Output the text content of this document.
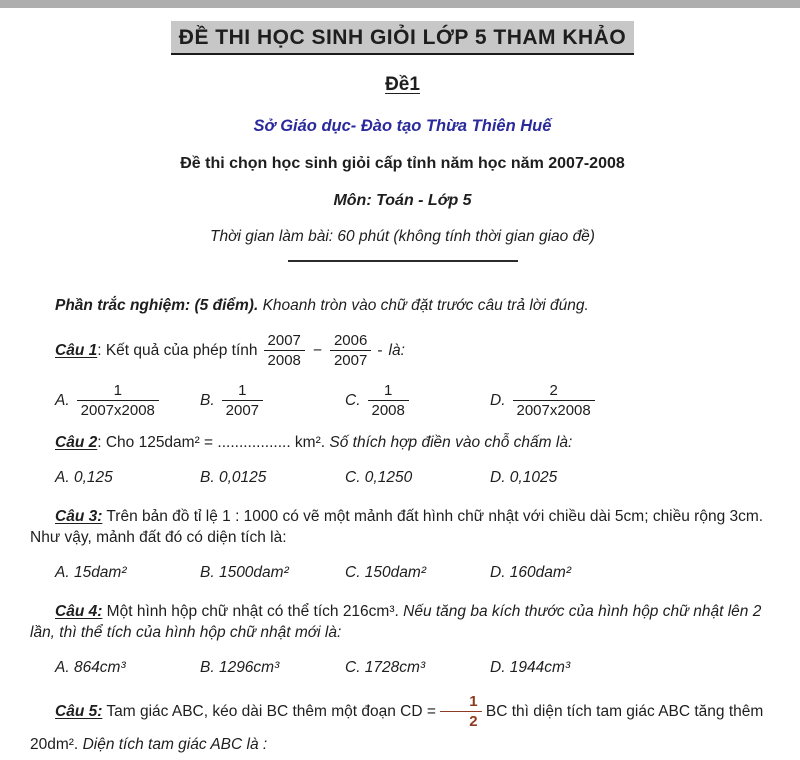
ĐỀ THI HỌC SINH GIỎI LỚP 5 THAM KHẢO
Đề1

Sở Giáo dục- Đào tạo Thừa Thiên Huế

Đề thi chọn học sinh giỏi cấp tỉnh năm học năm 2007-2008

Môn: Toán - Lớp 5

Thời gian làm bài: 60 phút (không tính thời gian giao đề)

Phần trắc nghiệm: (5 điểm). Khoanh tròn vào chữ đặt trước câu trả lời đúng.

Câu 1: Kết quả của phép tính $\frac{2007}{2008} - \frac{2006}{2007}$ - là:
A. $\frac{1}{2007x2008}$	B. $\frac{1}{2007}$	C. $\frac{1}{2008}$	D. $\frac{2}{2007x2008}$

Câu 2: Cho 125dam² = ................. km². Số thích hợp điền vào chỗ chấm là:

A. 0,125	B. 0,0125	C. 0,1250	D. 0,1025

Câu 3: Trên bản đồ tỉ lệ 1 : 1000 có vẽ một mảnh đất hình chữ nhật với chiều dài 5cm; chiều rộng 3cm. Như vậy, mảnh đất đó có diện tích là:

A. 15dam²	B. 1500dam²	C. 150dam²	D. 160dam²

Câu 4: Một hình hộp chữ nhật có thể tích 216cm³. Nếu tăng ba kích thước của hình hộp chữ nhật lên 2 lần, thì thể tích của hình hộp chữ nhật mới là:

A. 864cm³	B. 1296cm³	C. 1728cm³	D. 1944cm³

Câu 5: Tam giác ABC, kéo dài BC thêm một đoạn CD = $\frac{1}{2}$ BC thì diện tích tam giác ABC tăng thêm 20dm². Diện tích tam giác ABC là :
